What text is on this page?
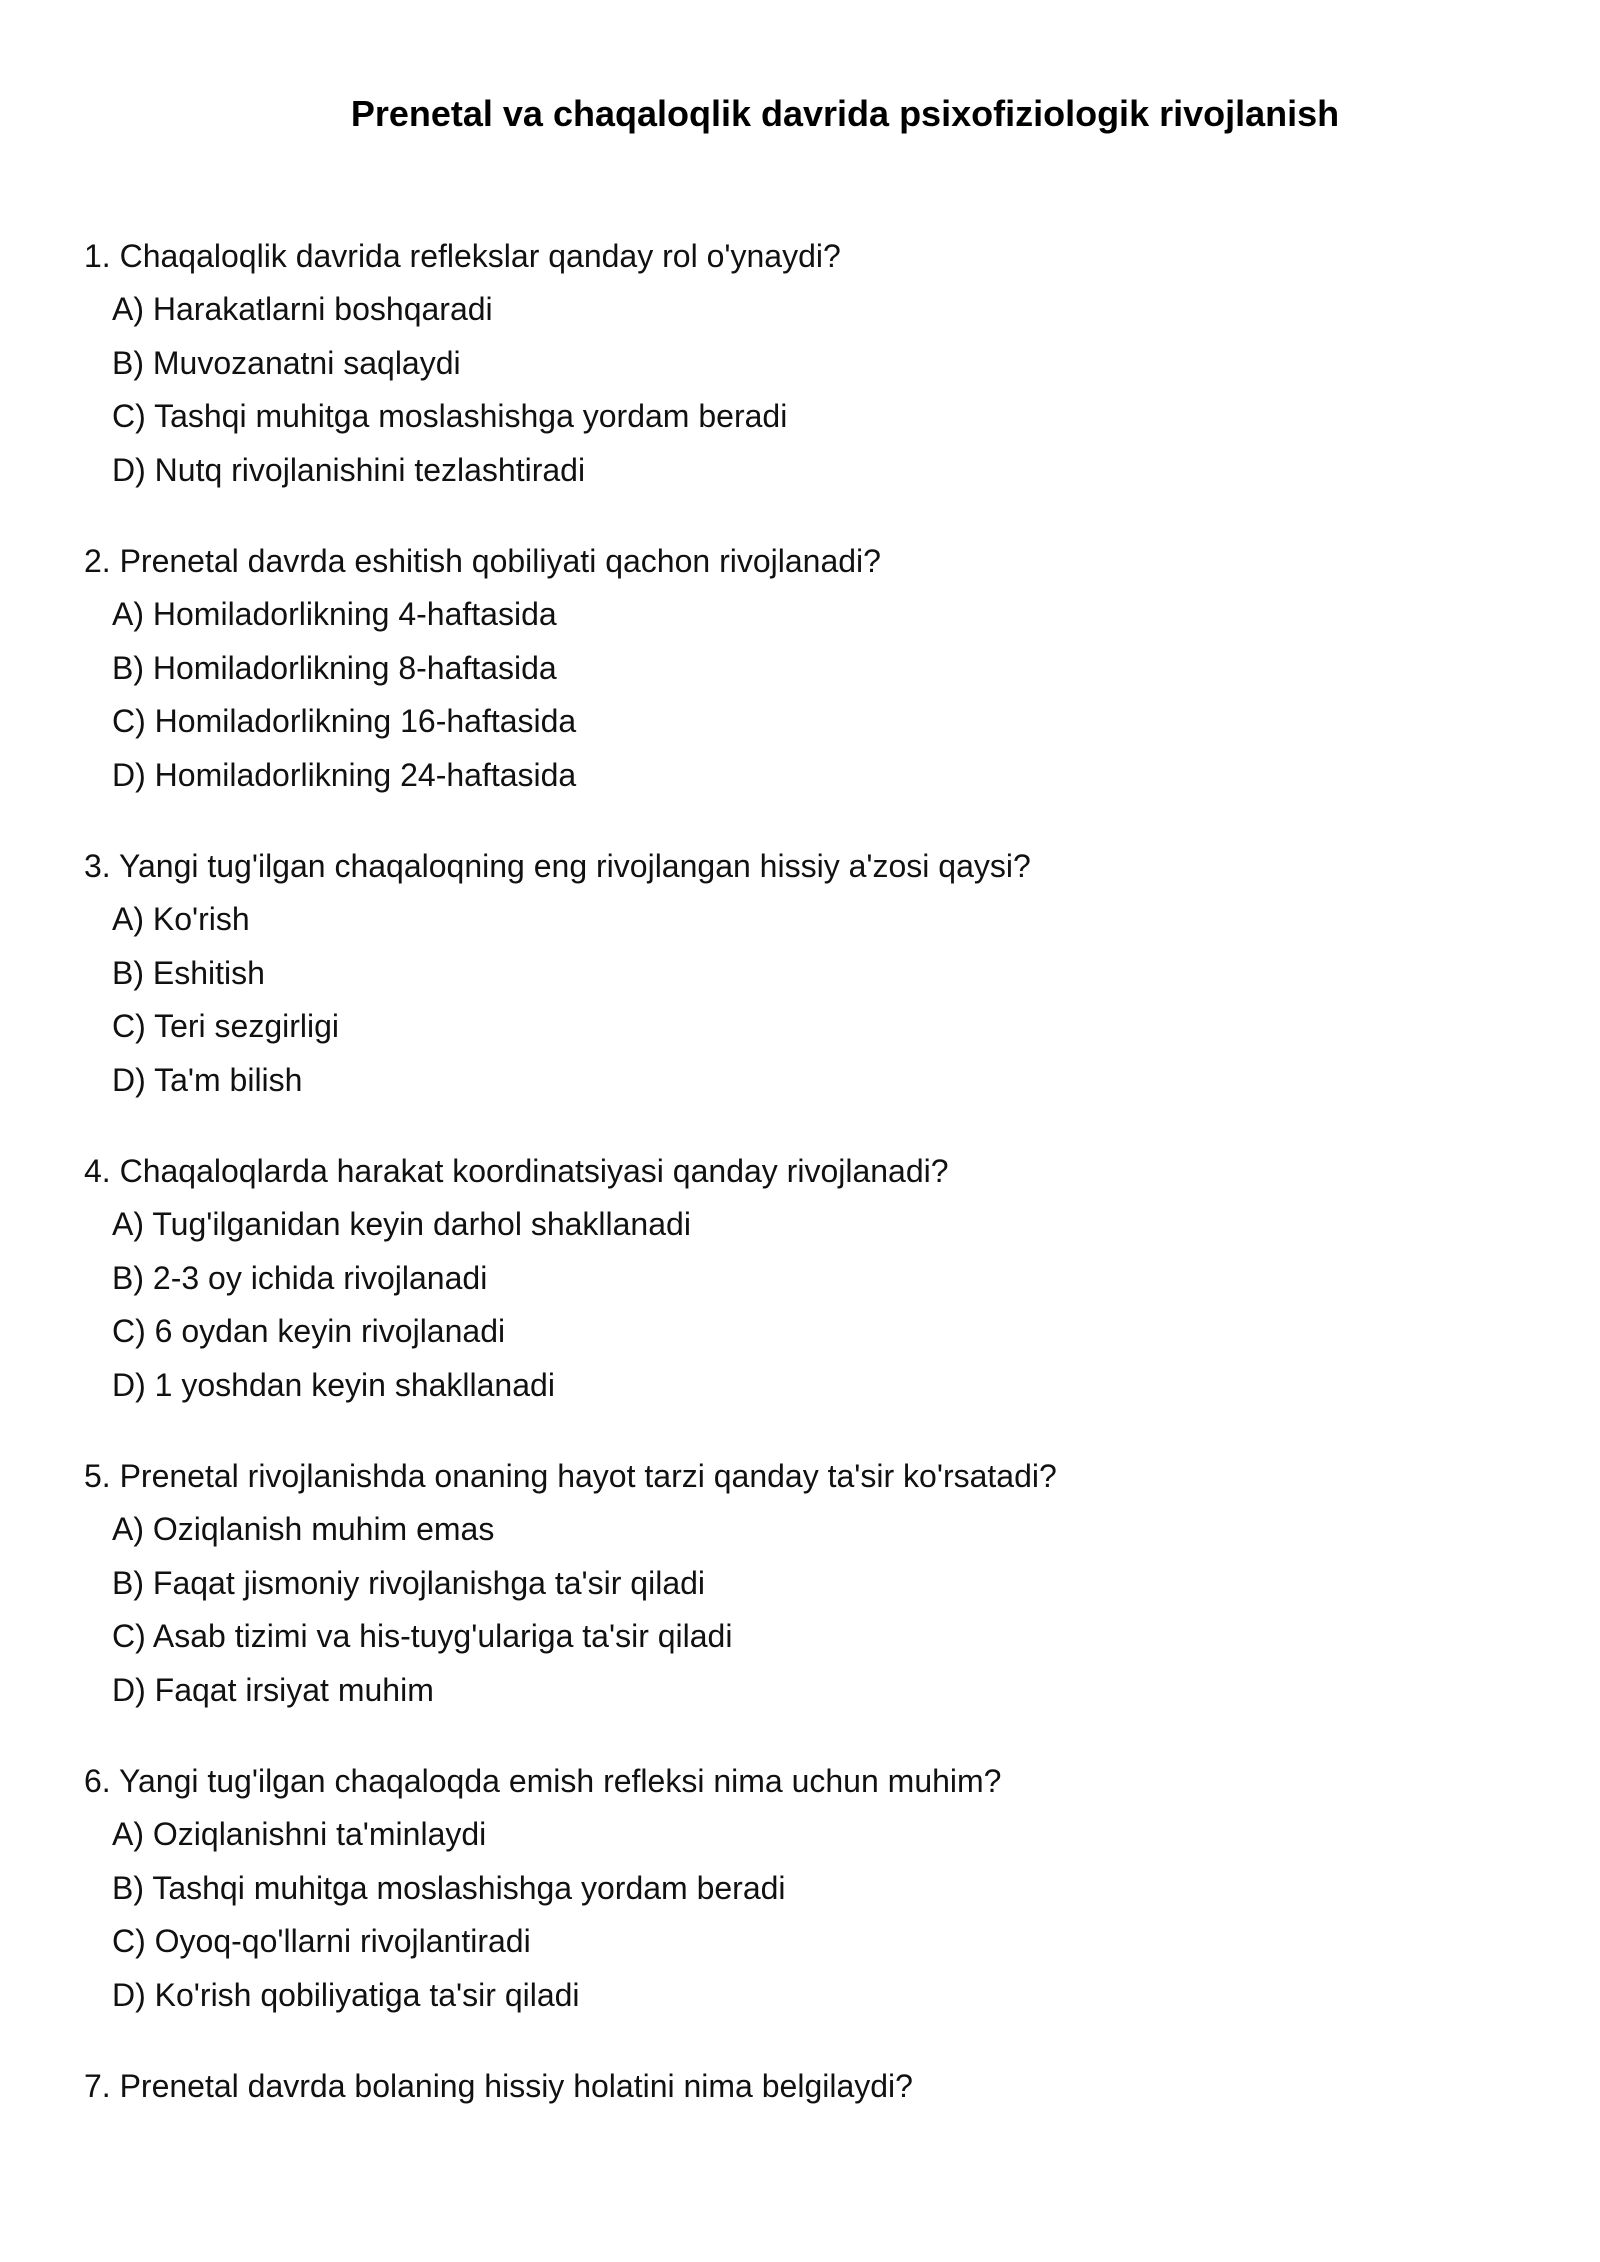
Prenetal va chaqaloqlik davrida psixofiziologik rivojlanish
1. Chaqaloqlik davrida reflekslar qanday rol o'ynaydi?
A) Harakatlarni boshqaradi
B) Muvozanatni saqlaydi
C) Tashqi muhitga moslashishga yordam beradi
D) Nutq rivojlanishini tezlashtiradi
2. Prenetal davrda eshitish qobiliyati qachon rivojlanadi?
A) Homiladorlikning 4-haftasida
B) Homiladorlikning 8-haftasida
C) Homiladorlikning 16-haftasida
D) Homiladorlikning 24-haftasida
3. Yangi tug'ilgan chaqaloqning eng rivojlangan hissiy a'zosi qaysi?
A) Ko'rish
B) Eshitish
C) Teri sezgirligi
D) Ta'm bilish
4. Chaqaloqlarda harakat koordinatsiyasi qanday rivojlanadi?
A) Tug'ilganidan keyin darhol shakllanadi
B) 2-3 oy ichida rivojlanadi
C) 6 oydan keyin rivojlanadi
D) 1 yoshdan keyin shakllanadi
5. Prenetal rivojlanishda onaning hayot tarzi qanday ta'sir ko'rsatadi?
A) Oziqlanish muhim emas
B) Faqat jismoniy rivojlanishga ta'sir qiladi
C) Asab tizimi va his-tuyg'ulariga ta'sir qiladi
D) Faqat irsiyat muhim
6. Yangi tug'ilgan chaqaloqda emish refleksi nima uchun muhim?
A) Oziqlanishni ta'minlaydi
B) Tashqi muhitga moslashishga yordam beradi
C) Oyoq-qo'llarni rivojlantiradi
D) Ko'rish qobiliyatiga ta'sir qiladi
7. Prenetal davrda bolaning hissiy holatini nima belgilaydi?
